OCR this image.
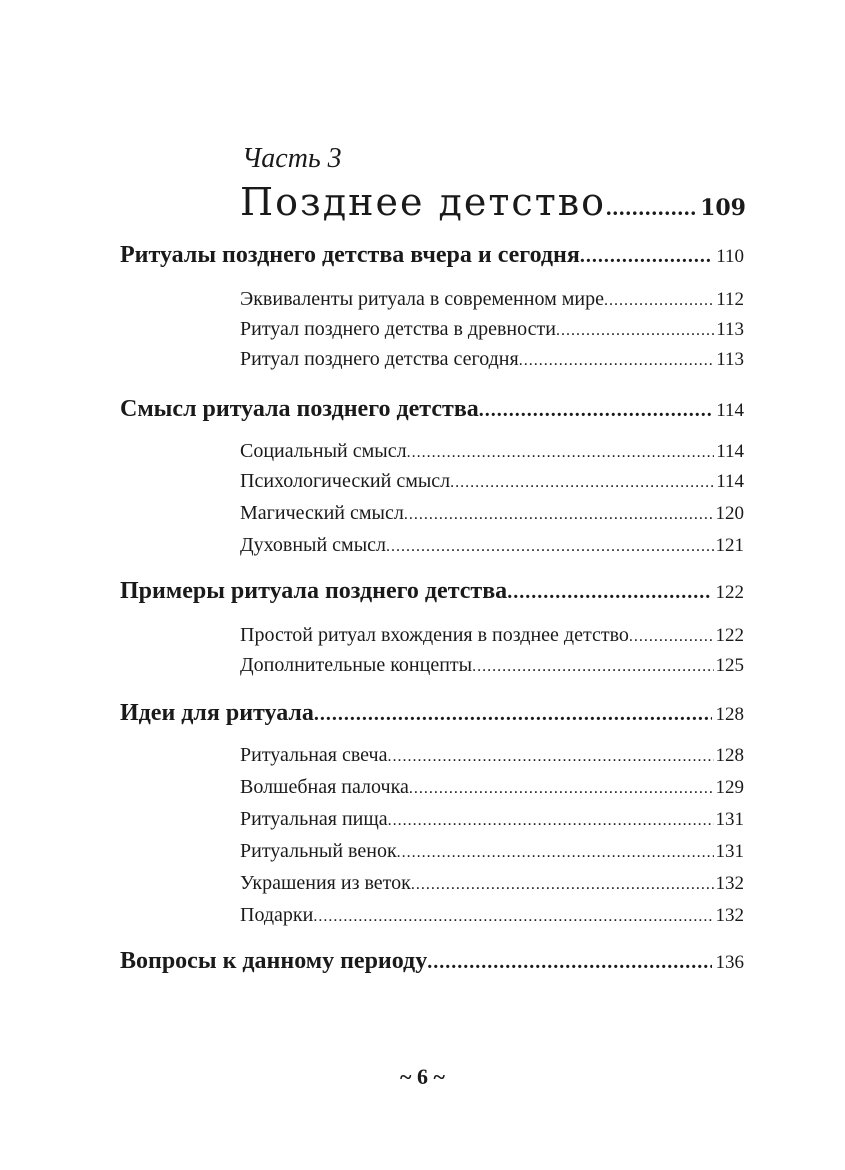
Часть 3
Позднее детство .....	109
Ритуалы позднего детства вчера и сегодня .....	110
Эквиваленты ритуала в современном мире .....	112
Ритуал позднего детства в древности .....	113
Ритуал позднего детства сегодня .....	113
Смысл ритуала позднего детства .....	114
Социальный смысл .....	114
Психологический смысл .....	114
Магический смысл .....	120
Духовный смысл .....	121
Примеры ритуала позднего детства .....	122
Простой ритуал вхождения в позднее детство .....	122
Дополнительные концепты .....	125
Идеи для ритуала .....	128
Ритуальная свеча .....	128
Волшебная палочка .....	129
Ритуальная пища .....	131
Ритуальный венок .....	131
Украшения из веток .....	132
Подарки .....	132
Вопросы к данному периоду .....	136
~ 6 ~
